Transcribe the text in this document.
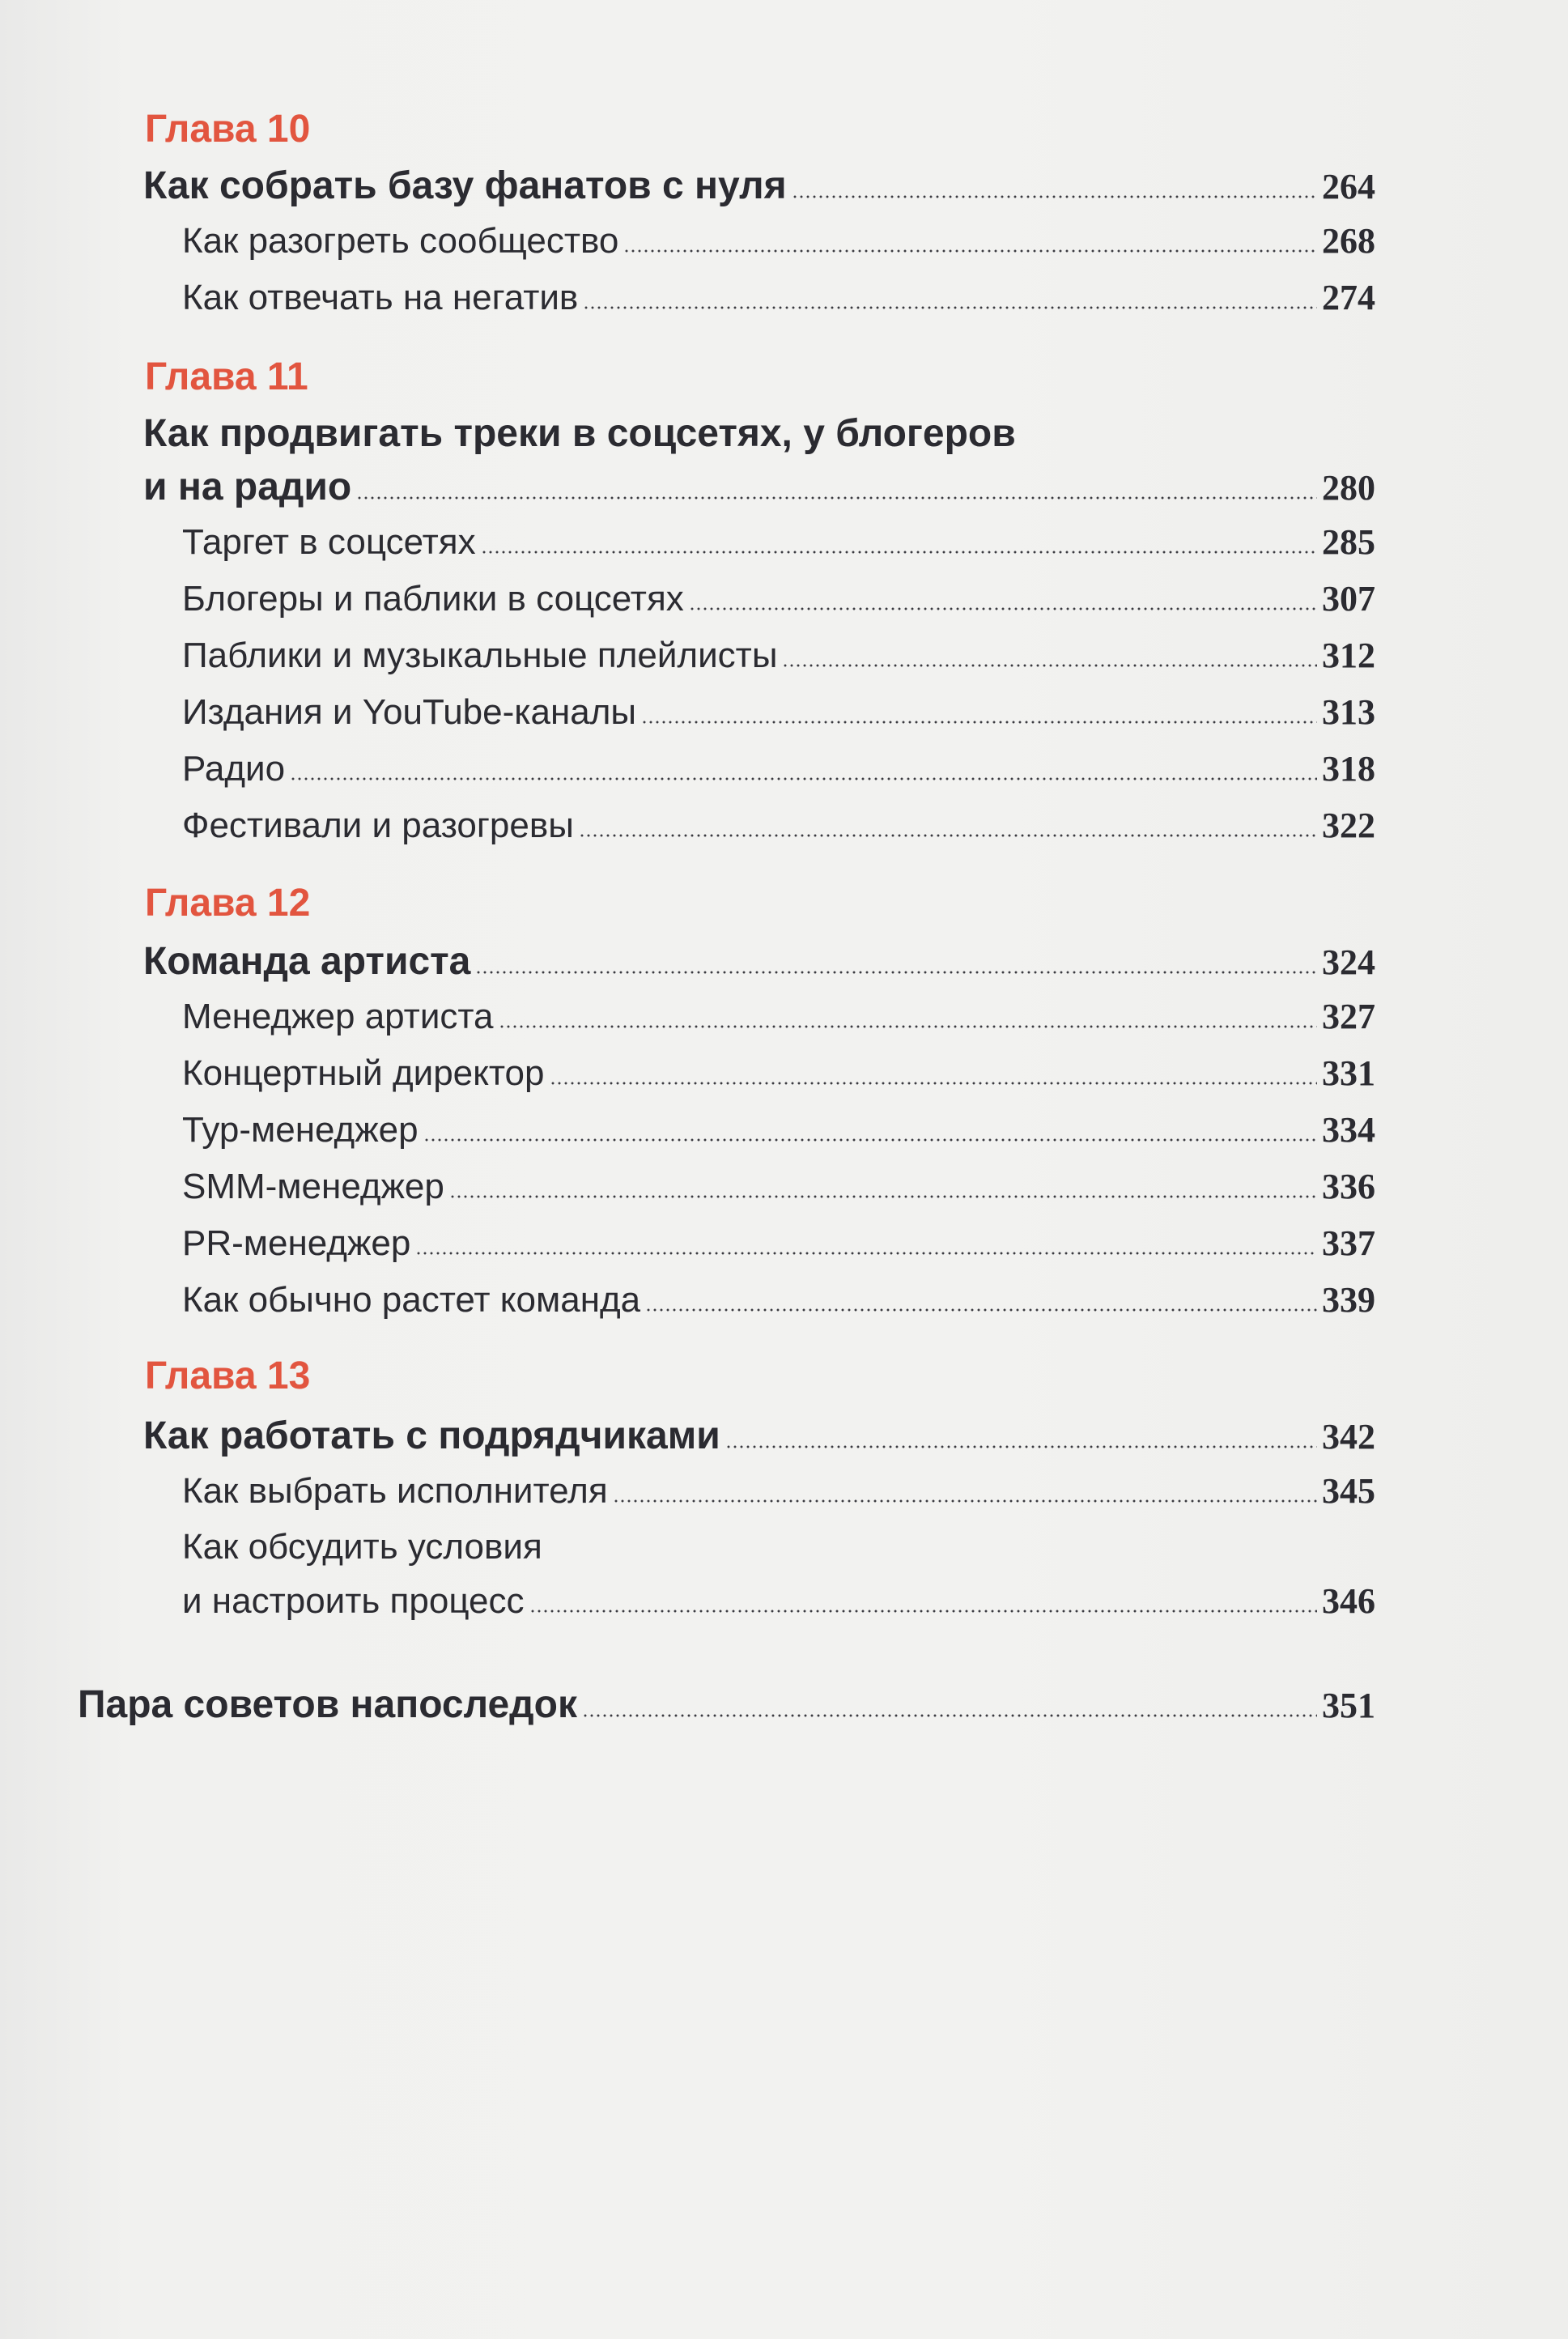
Глава 10
Как собрать базу фанатов с нуля	264
Как разогреть сообщество	268
Как отвечать на негатив	274
Глава 11
Как продвигать треки в соцсетях, у блогеров
и на радио	280
Таргет в соцсетях	285
Блогеры и паблики в соцсетях	307
Паблики и музыкальные плейлисты	312
Издания и YouTube-каналы	313
Радио	318
Фестивали и разогревы	322
Глава 12
Команда артиста	324
Менеджер артиста	327
Концертный директор	331
Тур-менеджер	334
SMM-менеджер	336
PR-менеджер	337
Как обычно растет команда	339
Глава 13
Как работать с подрядчиками	342
Как выбрать исполнителя	345
Как обсудить условия
и настроить процесс	346
Пара советов напоследок	351
